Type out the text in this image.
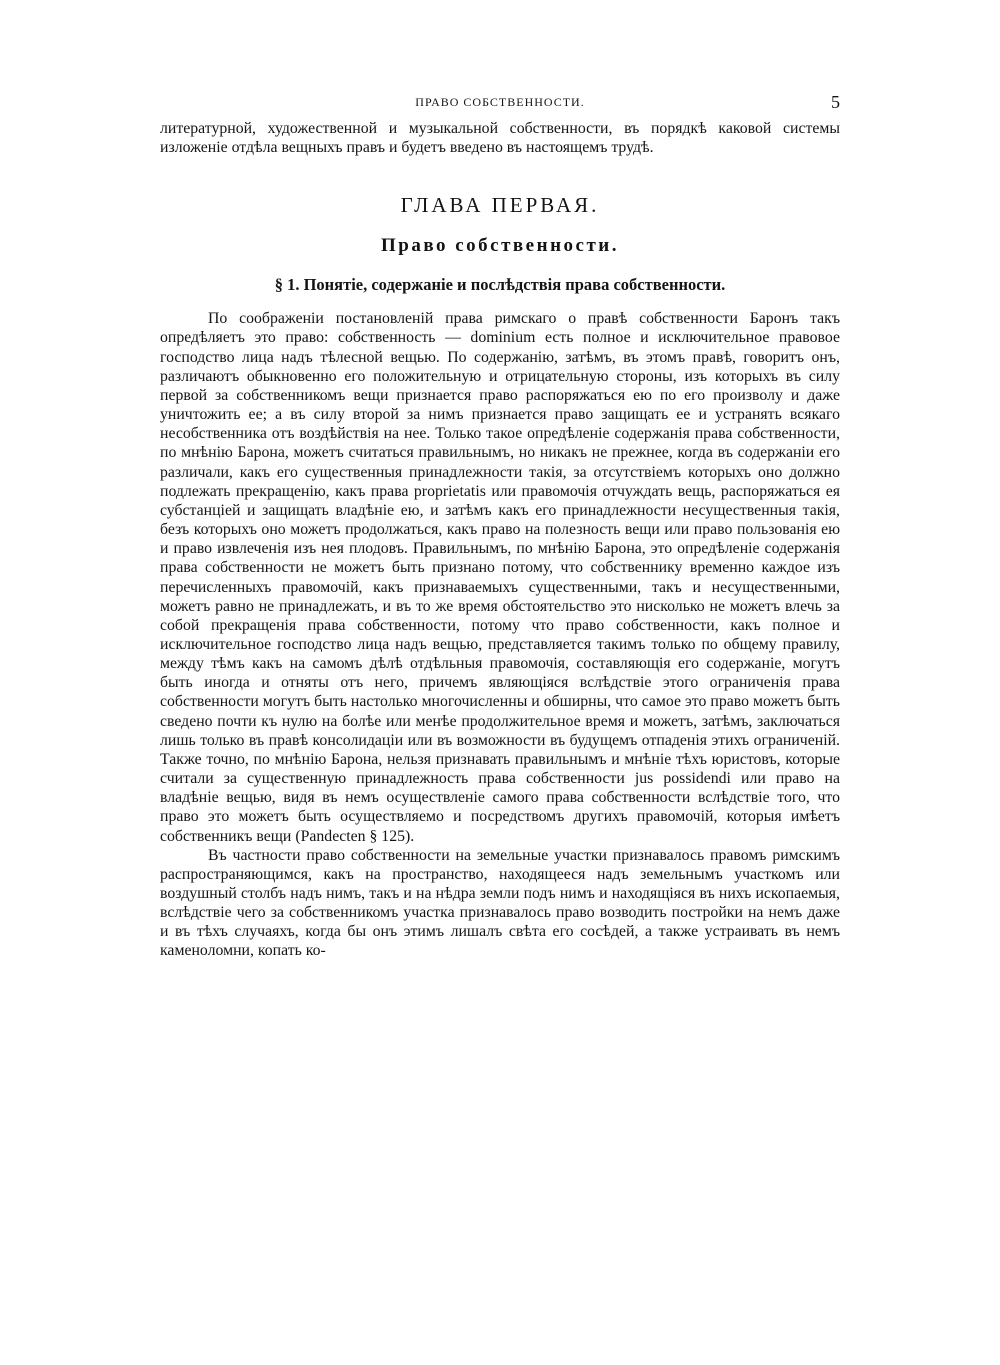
ПРАВО СОБСТВЕННОСТИ.	5

литературной, художественной и музыкальной собственности, въ порядкѣ каковой системы изложеніе отдѣла вещныхъ правъ и будетъ введено въ настоящемъ трудѣ.

ГЛАВА ПЕРВАЯ.
Право собственности.
§ 1. Понятіе, содержаніе и послѣдствія права собственности.

По соображеніи постановленій права римскаго о правѣ собственности Баронъ такъ опредѣляетъ это право: собственность — dominium есть полное и исключительное правовое господство лица надъ тѣлесной вещью. По содержанію, затѣмъ, въ этомъ правѣ, говоритъ онъ, различаютъ обыкновенно его положительную и отрицательную стороны, изъ которыхъ въ силу первой за собственникомъ вещи признается право распоряжаться ею по его произволу и даже уничтожить ее; а въ силу второй за нимъ признается право защищать ее и устранять всякаго несобственника отъ воздѣйствія на нее. Только такое опредѣленіе содержанія права собственности, по мнѣнію Барона, можетъ считаться правильнымъ, но никакъ не прежнее, когда въ содержаніи его различали, какъ его существенныя принадлежности такія, за отсутствіемъ которыхъ оно должно подлежать прекращенію, какъ права proprietatis или правомочія отчуждать вещь, распоряжаться ея субстанціей и защищать владѣніе ею, и затѣмъ какъ его принадлежности несущественныя такія, безъ которыхъ оно можетъ продолжаться, какъ право на полезность вещи или право пользованія ею и право извлеченія изъ нея плодовъ. Правильнымъ, по мнѣнію Барона, это опредѣленіе содержанія права собственности не можетъ быть признано потому, что собственнику временно каждое изъ перечисленныхъ правомочій, какъ признаваемыхъ существенными, такъ и несущественными, можетъ равно не принадлежать, и въ то же время обстоятельство это нисколько не можетъ влечь за собой прекращенія права собственности, потому что право собственности, какъ полное и исключительное господство лица надъ вещью, представляется такимъ только по общему правилу, между тѣмъ какъ на самомъ дѣлѣ отдѣльныя правомочія, составляющія его содержаніе, могутъ быть иногда и отняты отъ него, причемъ являющіяся вслѣдствіе этого ограниченія права собственности могутъ быть настолько многочисленны и обширны, что самое это право можетъ быть сведено почти къ нулю на болѣе или менѣе продолжительное время и можетъ, затѣмъ, заключаться лишь только въ правѣ консолидаціи или въ возможности въ будущемъ отпаденія этихъ ограниченій. Также точно, по мнѣнію Барона, нельзя признавать правильнымъ и мнѣніе тѣхъ юристовъ, которые считали за существенную принадлежность права собственности jus possidendi или право на владѣніе вещью, видя въ немъ осуществленіе самого права собственности вслѣдствіе того, что право это можетъ быть осуществляемо и посредствомъ другихъ правомочій, которыя имѣетъ собственникъ вещи (Pandecten § 125).

Въ частности право собственности на земельные участки признавалось правомъ римскимъ распространяющимся, какъ на пространство, находящееся надъ земельнымъ участкомъ или воздушный столбъ надъ нимъ, такъ и на нѣдра земли подъ нимъ и находящіяся въ нихъ ископаемыя, вслѣдствіе чего за собственникомъ участка признавалось право возводить постройки на немъ даже и въ тѣхъ случаяхъ, когда бы онъ этимъ лишалъ свѣта его сосѣдей, а также устраивать въ немъ каменоломни, копать ко-
